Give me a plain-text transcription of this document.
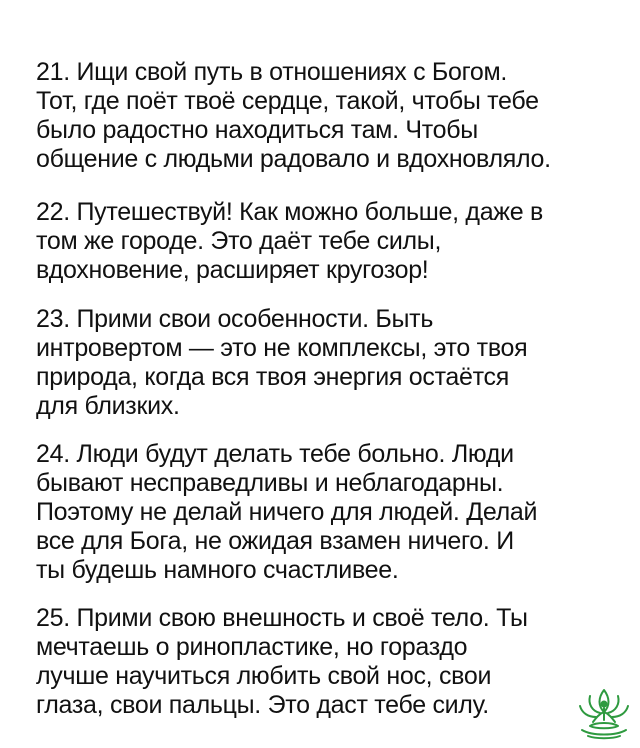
21. Ищи свой путь в отношениях с Богом.
Тот, где поёт твоё сердце, такой, чтобы тебе
было радостно находиться там. Чтобы
общение с людьми радовало и вдохновляло.

22. Путешествуй! Как можно больше, даже в
том же городе. Это даёт тебе силы,
вдохновение, расширяет кругозор!

23. Прими свои особенности. Быть
интровертом — это не комплексы, это твоя
природа, когда вся твоя энергия остаётся
для близких.

24. Люди будут делать тебе больно. Люди
бывают несправедливы и неблагодарны.
Поэтому не делай ничего для людей. Делай
все для Бога, не ожидая взамен ничего. И
ты будешь намного счастливее.

25. Прими свою внешность и своё тело. Ты
мечтаешь о ринопластике, но гораздо
лучше научиться любить свой нос, свои
глаза, свои пальцы. Это даст тебе силу.
